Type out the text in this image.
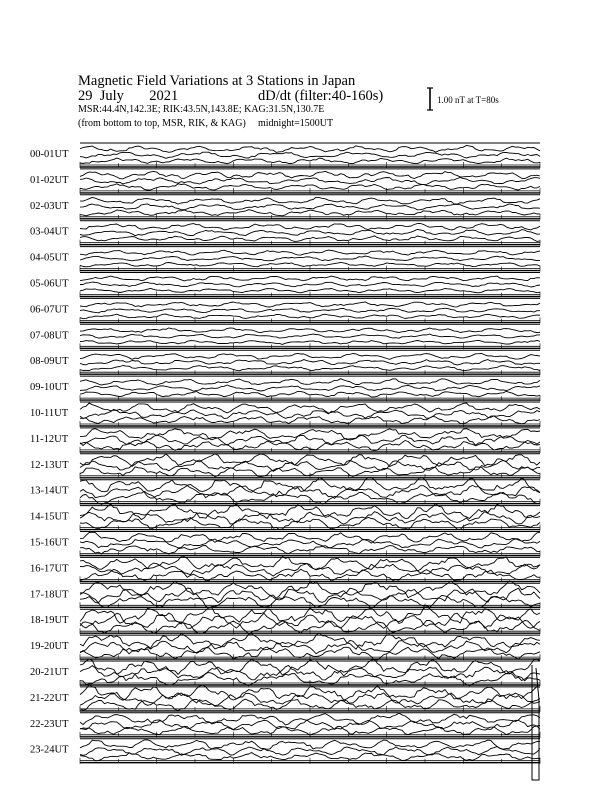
Magnetic Field Variations at 3 Stations in Japan
29 July 2021	dD/dt (filter:40-160s)
MSR:44.4N,142.3E; RIK:43.5N,143.8E; KAG:31.5N,130.7E
(from bottom to top, MSR, RIK, & KAG) midnight=1500UT
1.00 nT at T=80s
00-01UT
01-02UT
02-03UT
03-04UT
04-05UT
05-06UT
06-07UT
07-08UT
08-09UT
09-10UT
10-11UT
11-12UT
12-13UT
13-14UT
14-15UT
15-16UT
16-17UT
17-18UT
18-19UT
19-20UT
20-21UT
21-22UT
22-23UT
23-24UT
